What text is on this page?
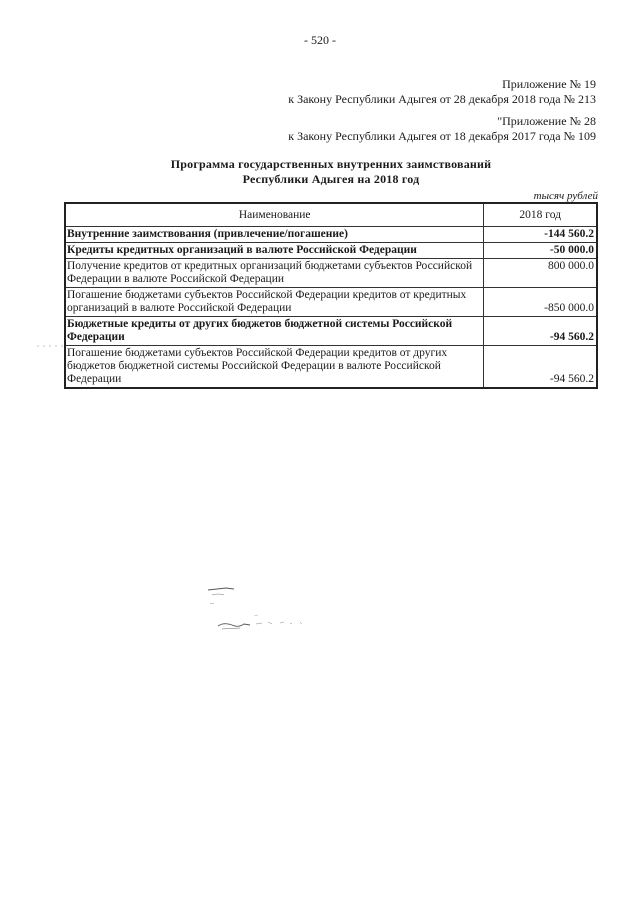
- 520 -
Приложение № 19
к Закону Республики Адыгея от 28 декабря 2018 года № 213
"Приложение № 28
к Закону Республики Адыгея от 18 декабря 2017 года № 109
Программа государственных внутренних заимствований
Республики Адыгея на 2018 год
тысяч рублей
Наименование	2018 год
Внутренние заимствования (привлечение/погашение)	-144 560.2
Кредиты кредитных организаций в валюте Российской Федерации	-50 000.0
Получение кредитов от кредитных организаций бюджетами субъектов Российской Федерации в валюте Российской Федерации	800 000.0
Погашение бюджетами субъектов Российской Федерации кредитов от кредитных организаций в валюте Российской Федерации	-850 000.0
Бюджетные кредиты от других бюджетов бюджетной системы Российской Федерации	-94 560.2
Погашение бюджетами субъектов Российской Федерации кредитов от других бюджетов бюджетной системы Российской Федерации в валюте Российской Федерации	-94 560.2
